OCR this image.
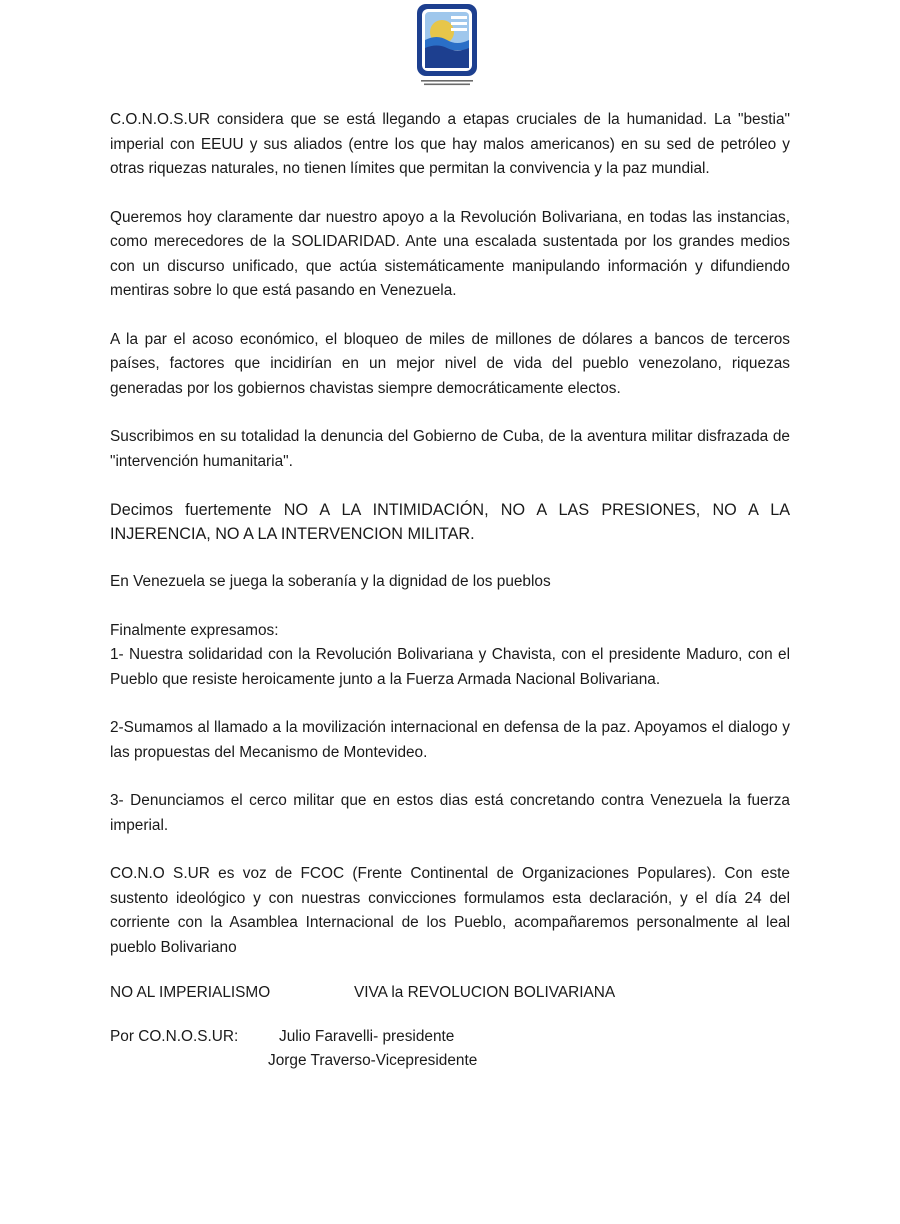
C.O.N.O.S.UR considera que se está llegando a etapas cruciales de la humanidad. La "bestia" imperial con EEUU y sus aliados (entre los que hay malos americanos) en su sed de petróleo y otras riquezas naturales, no tienen límites que permitan la convivencia y la paz mundial.

Queremos hoy claramente dar nuestro apoyo a la Revolución Bolivariana, en todas las instancias, como merecedores de la SOLIDARIDAD. Ante una escalada sustentada por los grandes medios con un discurso unificado, que actúa sistemáticamente manipulando información y difundiendo mentiras sobre lo que está pasando en Venezuela.

A la par el acoso económico, el bloqueo de miles de millones de dólares a bancos de terceros países, factores que incidirían en un mejor nivel de vida del pueblo venezolano, riquezas generadas por los gobiernos chavistas siempre democráticamente electos.

Suscribimos en su totalidad la denuncia del Gobierno de Cuba, de la aventura militar disfrazada de "intervención humanitaria".

Decimos fuertemente NO A LA INTIMIDACIÓN, NO A LAS PRESIONES, NO A LA INJERENCIA, NO A LA INTERVENCION MILITAR.

En Venezuela se juega la soberanía y la dignidad de los pueblos

Finalmente expresamos:

1- Nuestra solidaridad con la Revolución Bolivariana y Chavista, con el presidente Maduro, con el Pueblo que resiste heroicamente junto a la Fuerza Armada Nacional Bolivariana.

2-Sumamos al llamado a la movilización internacional en defensa de la paz. Apoyamos el dialogo y las propuestas del Mecanismo de Montevideo.

3- Denunciamos el cerco militar que en estos dias está concretando contra Venezuela la fuerza imperial.

CO.N.O S.UR es voz de FCOC (Frente Continental de Organizaciones Populares). Con este sustento ideológico y con nuestras convicciones formulamos esta declaración, y el día 24 del corriente con la Asamblea Internacional de los Pueblo, acompañaremos personalmente al leal pueblo Bolivariano

NO AL IMPERIALISMO	VIVA la REVOLUCION BOLIVARIANA
Por CO.N.O.S.UR:	Julio Faravelli- presidente
Jorge Traverso-Vicepresidente
